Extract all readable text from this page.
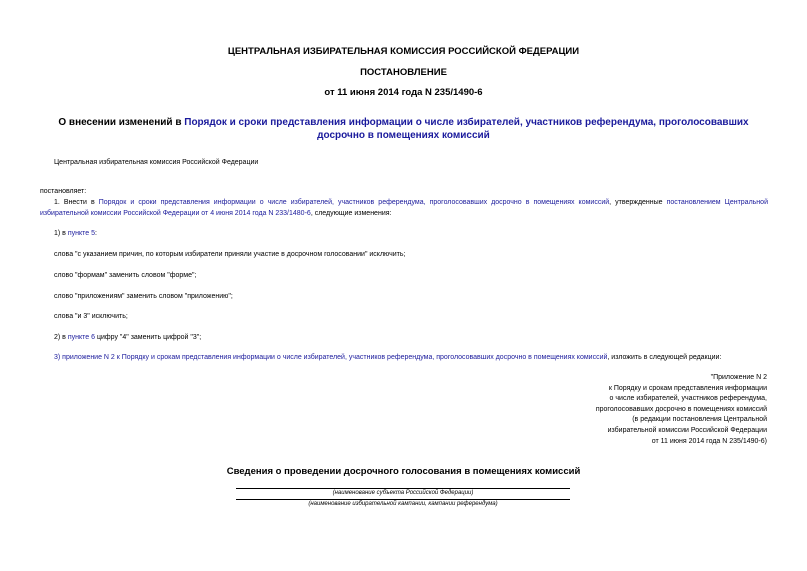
ЦЕНТРАЛЬНАЯ ИЗБИРАТЕЛЬНАЯ КОМИССИЯ РОССИЙСКОЙ ФЕДЕРАЦИИ
ПОСТАНОВЛЕНИЕ
от 11 июня 2014 года N 235/1490-6
О внесении изменений в Порядок и сроки представления информации о числе избирателей, участников референдума, проголосовавших досрочно в помещениях комиссий
Центральная избирательная комиссия Российской Федерации
постановляет:
1. Внести в Порядок и сроки представления информации о числе избирателей, участников референдума, проголосовавших досрочно в помещениях комиссий, утвержденные постановлением Центральной избирательной комиссии Российской Федерации от 4 июня 2014 года N 233/1480-6, следующие изменения:
1) в пункте 5:
слова "с указанием причин, по которым избиратели приняли участие в досрочном голосовании" исключить;
слово "формам" заменить словом "форме";
слово "приложениям" заменить словом "приложению";
слова "и 3" исключить;
2) в пункте 6 цифру "4" заменить цифрой "3";
3) приложение N 2 к Порядку и срокам представления информации о числе избирателей, участников референдума, проголосовавших досрочно в помещениях комиссий, изложить в следующей редакции:
"Приложение N 2
к Порядку и срокам представления информации
о числе избирателей, участников референдума,
проголосовавших досрочно в помещениях комиссий
(в редакции постановления Центральной
избирательной комиссии Российской Федерации
от 11 июня 2014 года N 235/1490-6)
Сведения о проведении досрочного голосования в помещениях комиссий
(наименование субъекта Российской Федерации)
(наименование избирательной кампании, кампании референдума)
